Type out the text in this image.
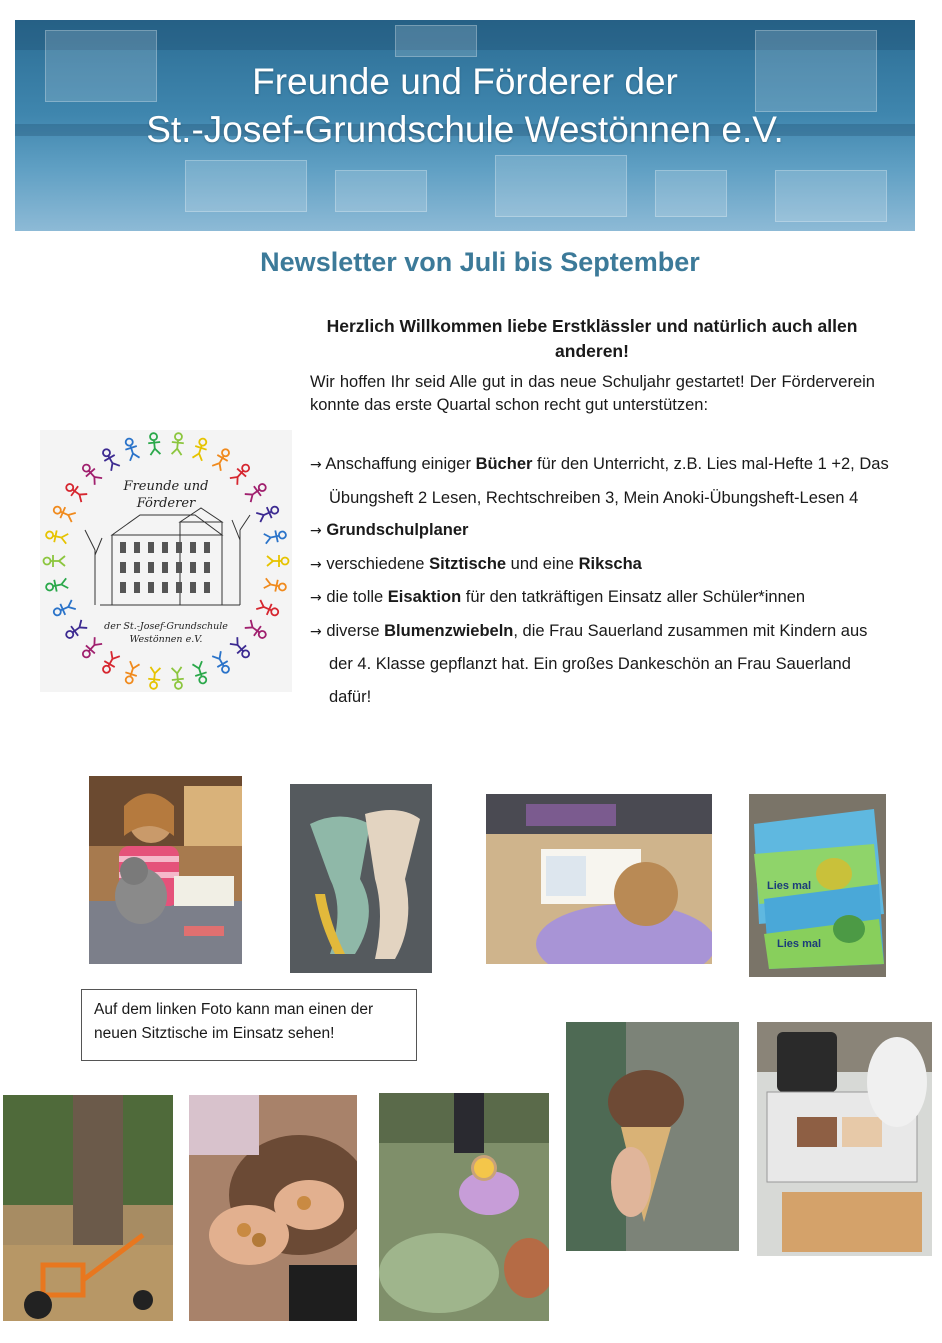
Freunde und Förderer der
St.-Josef-Grundschule Westönnen e.V.
Newsletter von Juli bis September
Freunde und
Förderer
der St.-Josef-Grundschule
Westönnen e.V.
Herzlich Willkommen liebe Erstklässler und natürlich auch allen anderen!
Wir hoffen Ihr seid Alle gut in das neue Schuljahr gestartet! Der Förderverein konnte das erste Quartal schon recht gut unterstützen:
→ Anschaffung einiger Bücher für den Unterricht, z.B. Lies mal-Hefte 1 +2, Das Übungsheft 2 Lesen, Rechtschreiben 3, Mein Anoki-Übungsheft-Lesen 4
→ Grundschulplaner
→ verschiedene Sitztische und eine Rikscha
→ die tolle Eisaktion für den tatkräftigen Einsatz aller Schüler*innen
→ diverse Blumenzwiebeln, die Frau Sauerland zusammen mit Kindern aus der 4. Klasse gepflanzt hat. Ein großes Dankeschön an Frau Sauerland dafür!
Lies mal
Lies mal
Auf dem linken Foto kann man einen der neuen Sitztische im Einsatz sehen!
